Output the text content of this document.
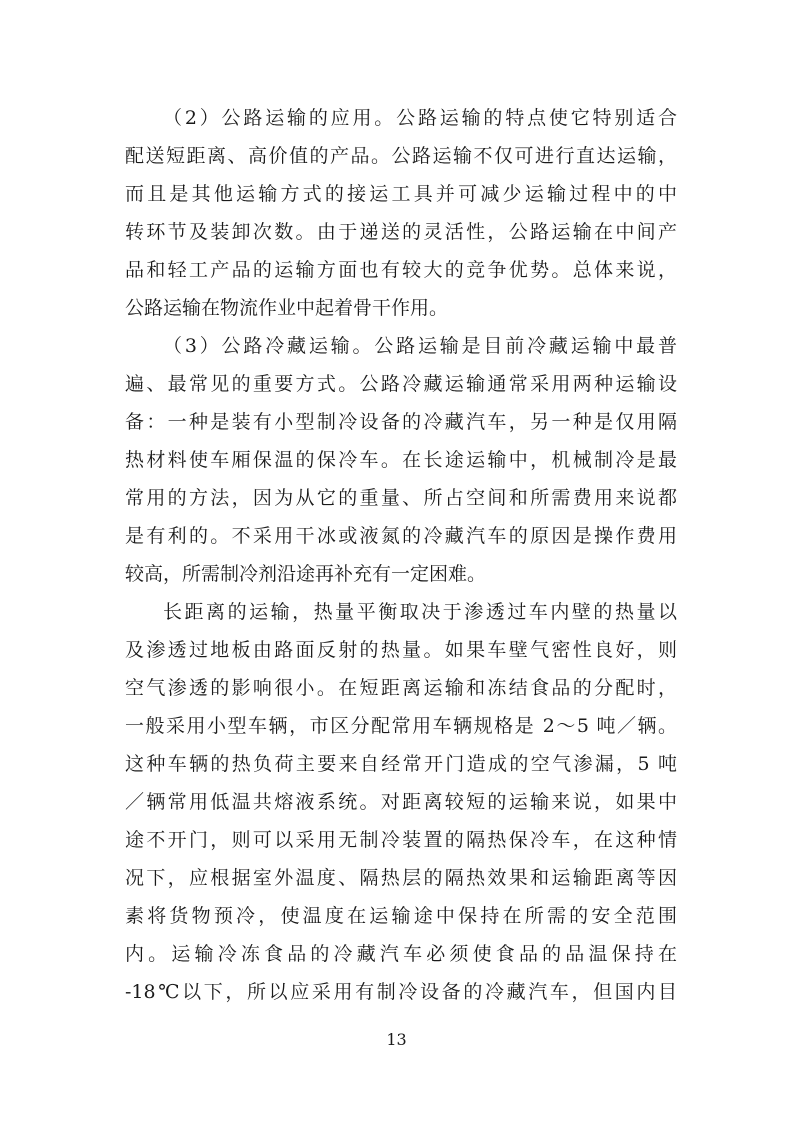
（2）公路运输的应用。公路运输的特点使它特别适合
配送短距离、高价值的产品。公路运输不仅可进行直达运输，
而且是其他运输方式的接运工具并可减少运输过程中的中
转环节及装卸次数。由于递送的灵活性，公路运输在中间产
品和轻工产品的运输方面也有较大的竞争优势。总体来说，
公路运输在物流作业中起着骨干作用。
（3）公路冷藏运输。公路运输是目前冷藏运输中最普
遍、最常见的重要方式。公路冷藏运输通常采用两种运输设
备：一种是装有小型制冷设备的冷藏汽车，另一种是仅用隔
热材料使车厢保温的保冷车。在长途运输中，机械制冷是最
常用的方法，因为从它的重量、所占空间和所需费用来说都
是有利的。不采用干冰或液氮的冷藏汽车的原因是操作费用
较高，所需制冷剂沿途再补充有一定困难。
长距离的运输，热量平衡取决于渗透过车内壁的热量以
及渗透过地板由路面反射的热量。如果车壁气密性良好，则
空气渗透的影响很小。在短距离运输和冻结食品的分配时，
一般采用小型车辆，市区分配常用车辆规格是 2～5 吨／辆。
这种车辆的热负荷主要来自经常开门造成的空气渗漏，5 吨
／辆常用低温共熔液系统。对距离较短的运输来说，如果中
途不开门，则可以采用无制冷装置的隔热保冷车，在这种情
况下，应根据室外温度、隔热层的隔热效果和运输距离等因
素将货物预冷，使温度在运输途中保持在所需的安全范围
内。运输冷冻食品的冷藏汽车必须使食品的品温保持在
-18℃以下，所以应采用有制冷设备的冷藏汽车，但国内目
13
